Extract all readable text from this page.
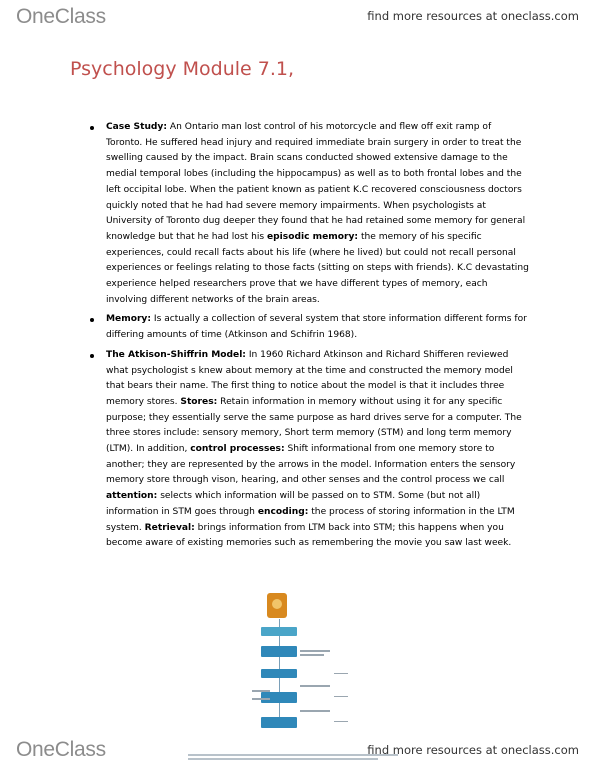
OneClass	find more resources at oneclass.com
Psychology Module 7.1,
Case Study: An Ontario man lost control of his motorcycle and flew off exit ramp of Toronto. He suffered head injury and required immediate brain surgery in order to treat the swelling caused by the impact. Brain scans conducted showed extensive damage to the medial temporal lobes (including the hippocampus) as well as to both frontal lobes and the left occipital lobe. When the patient known as patient K.C recovered consciousness doctors quickly noted that he had had severe memory impairments. When psychologists at University of Toronto dug deeper they found that he had retained some memory for general knowledge but that he had lost his episodic memory: the memory of his specific experiences, could recall facts about his life (where he lived) but could not recall personal experiences or feelings relating to those facts (sitting on steps with friends). K.C devastating experience helped researchers prove that we have different types of memory, each involving different networks of the brain areas.
Memory: Is actually a collection of several system that store information different forms for differing amounts of time (Atkinson and Schifrin 1968).
The Atkison-Shiffrin Model: In 1960 Richard Atkinson and Richard Shifferen reviewed what psychologist s knew about memory at the time and constructed the memory model that bears their name. The first thing to notice about the model is that it includes three memory stores. Stores: Retain information in memory without using it for any specific purpose; they essentially serve the same purpose as hard drives serve for a computer. The three stores include: sensory memory, Short term memory (STM) and long term memory (LTM). In addition, control processes: Shift informational from one memory store to another; they are represented by the arrows in the model. Information enters the sensory memory store through vison, hearing, and other senses and the control process we call attention: selects which information will be passed on to STM. Some (but not all) information in STM goes through encoding: the process of storing information in the LTM system. Retrieval: brings information from LTM back into STM; this happens when you become aware of existing memories such as remembering the movie you saw last week.
OneClass	find more resources at oneclass.com
